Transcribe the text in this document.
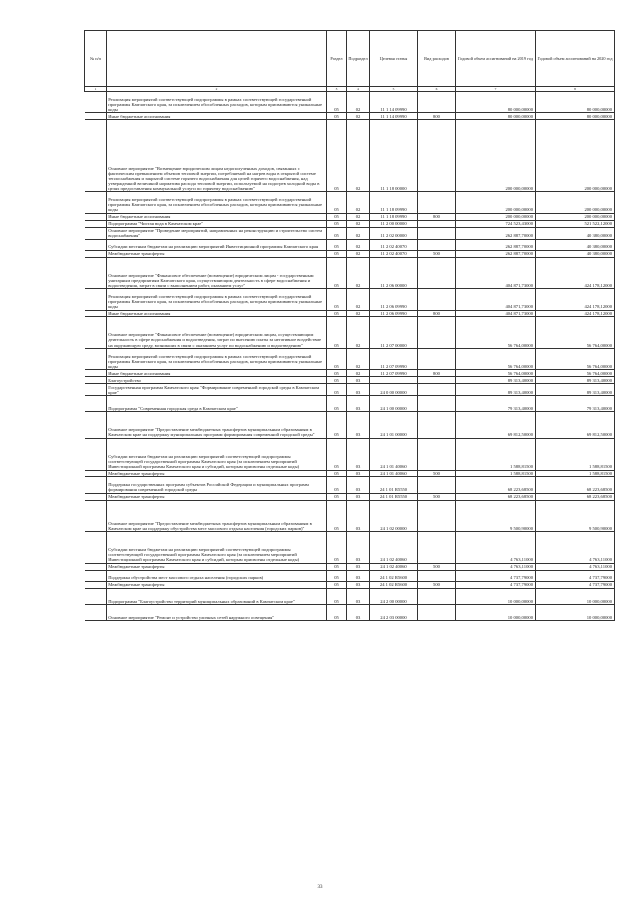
№ п/п		Раздел	Подраздел	Целевая статья	Вид расходов	Годовой объем ассигнований на 2019 год	Годовой объем ассигнований на 2020 год
1	2	3	4	5	6	7	8
	Реализация мероприятий соответствующей подпрограммы в рамках соответствующей государственной программы Камчатского края, за исключением обособленных расходов, которым присваиваются уникальные коды	05	02	11 1 14 09990		80 000,00000	80 000,00000
	Иные бюджетные ассигнования	05	02	11 1 14 09990	800	80 000,00000	80 000,00000
	Основное мероприятие "Возмещение юридическим лицам недополученных доходов, связанных с фактическим превышением объемов тепловой энергии, потребляемой на нагрев воды в открытой системе теплоснабжения и закрытой системе горячего водоснабжения для целей горячего водоснабжения, над утвержденной величиной норматива расхода тепловой энергии, используемой на подогрев холодной воды в целях предоставления коммунальной услуги по горячему водоснабжению"	05	02	11 1 18 00000		200 000,00000	200 000,00000
	Реализация мероприятий соответствующей подпрограммы в рамках соответствующей государственной программы Камчатского края, за исключением обособленных расходов, которым присваиваются уникальные коды	05	02	11 1 18 09990		200 000,00000	200 000,00000
	Иные бюджетные ассигнования	05	02	11 1 18 09990	800	200 000,00000	200 000,00000
	Подпрограмма "Чистая вода в Камчатском крае"	05	02	11 2 00 00000		724 523,43000	521 522,12000
	Основное мероприятие "Проведение мероприятий, направленных на реконструкцию и строительство систем водоснабжения"	05	02	11 2 02 00000		262 887,70000	40 380,00000
	Субсидии местным бюджетам на реализацию мероприятий Инвестиционной программы Камчатского края	05	02	11 2 02 40070		262 887,70000	40 380,00000
	Межбюджетные трансферты	05	02	11 2 02 40070	500	262 887,70000	40 380,00000
	Основное мероприятие "Финансовое обеспечение (возмещение) юридическим лицам - государственным унитарным предприятиям Камчатского края, осуществляющим деятельность в сфере водоснабжения и водоотведения, затрат в связи с выполнением работ, оказанием услуг"	05	02	11 2 06 00000		404 871,73000	424 178,12000
	Реализация мероприятий соответствующей подпрограммы в рамках соответствующей государственной программы Камчатского края, за исключением обособленных расходов, которым присваиваются уникальные коды	05	02	11 2 06 09990		404 871,73000	424 178,12000
	Иные бюджетные ассигнования	05	02	11 2 06 09990	800	404 871,73000	424 178,12000
	Основное мероприятие "Финансовое обеспечение (возмещение) юридическим лицам, осуществляющим деятельность в сфере водоснабжения и водоотведения, затрат по внесению платы за негативное воздействие на окружающую среду, возникших в связи с оказанием услуг по водоснабжению и водоотведению"	05	02	11 2 07 00000		56 764,00000	56 764,00000
	Реализация мероприятий соответствующей подпрограммы в рамках соответствующей государственной программы Камчатского края, за исключением обособленных расходов, которым присваиваются уникальные коды	05	02	11 2 07 09990		56 764,00000	56 764,00000
	Иные бюджетные ассигнования	05	02	11 2 07 09990	800	56 764,00000	56 764,00000
	Благоустройство	05	03			89 313,40000	89 313,40000
	Государственная программа Камчатского края "Формирование современной городской среды в Камчатском крае"	05	03	24 0 00 00000		89 313,40000	89 313,40000
	Подпрограмма "Современная городская среда в Камчатском крае"	05	03	24 1 00 00000		79 313,40000	79 313,40000
	Основное мероприятие "Предоставление межбюджетных трансфертов муниципальным образованиям в Камчатском крае на поддержку муниципальных программ формирования современной городской среды"	05	03	24 1 01 00000		69 812,50000	69 812,50000
	Субсидии местным бюджетам на реализацию мероприятий соответствующей подпрограммы соответствующей государственной программы Камчатского края (за исключением мероприятий Инвестиционной программы Камчатского края и субсидий, которым присвоены отдельные коды)	05	03	24 1 01 40060		1 588,81500	1 588,81500
	Межбюджетные трансферты	05	03	24 1 01 40060	500	1 588,81500	1 588,81500
	Поддержка государственных программ субъектов Российской Федерации и муниципальных программ формирования современной городской среды	05	03	24 1 01 R5550		68 223,68500	68 223,68500
	Межбюджетные трансферты	05	03	24 1 01 R5550	500	68 223,68500	68 223,68500
	Основное мероприятие "Предоставление межбюджетных трансфертов муниципальным образованиям в Камчатском крае на поддержку обустройства мест массового отдыха населения (городских парков)"	05	03	24 1 02 00000		9 500,90000	9 500,90000
	Субсидии местным бюджетам на реализацию мероприятий соответствующей подпрограммы соответствующей государственной программы Камчатского края (за исключением мероприятий Инвестиционной программы Камчатского края и субсидий, которым присвоены отдельные коды)	05	03	24 1 02 40060		4 763,11000	4 763,11000
	Межбюджетные трансферты	05	03	24 1 02 40060	500	4 763,11000	4 763,11000
	Поддержка обустройства мест массового отдыха населения (городских парков)	05	03	24 1 02 R5600		4 737,79000	4 737,79000
	Межбюджетные трансферты	05	03	24 1 02 R5600	500	4 737,79000	4 737,79000
	Подпрограмма "Благоустройство территорий муниципальных образований в Камчатском крае"	05	03	24 2 00 00000		10 000,00000	10 000,00000
	Основное мероприятие "Ремонт и устройство уличных сетей наружного освещения"	05	03	24 2 03 00000		10 000,00000	10 000,00000
33
